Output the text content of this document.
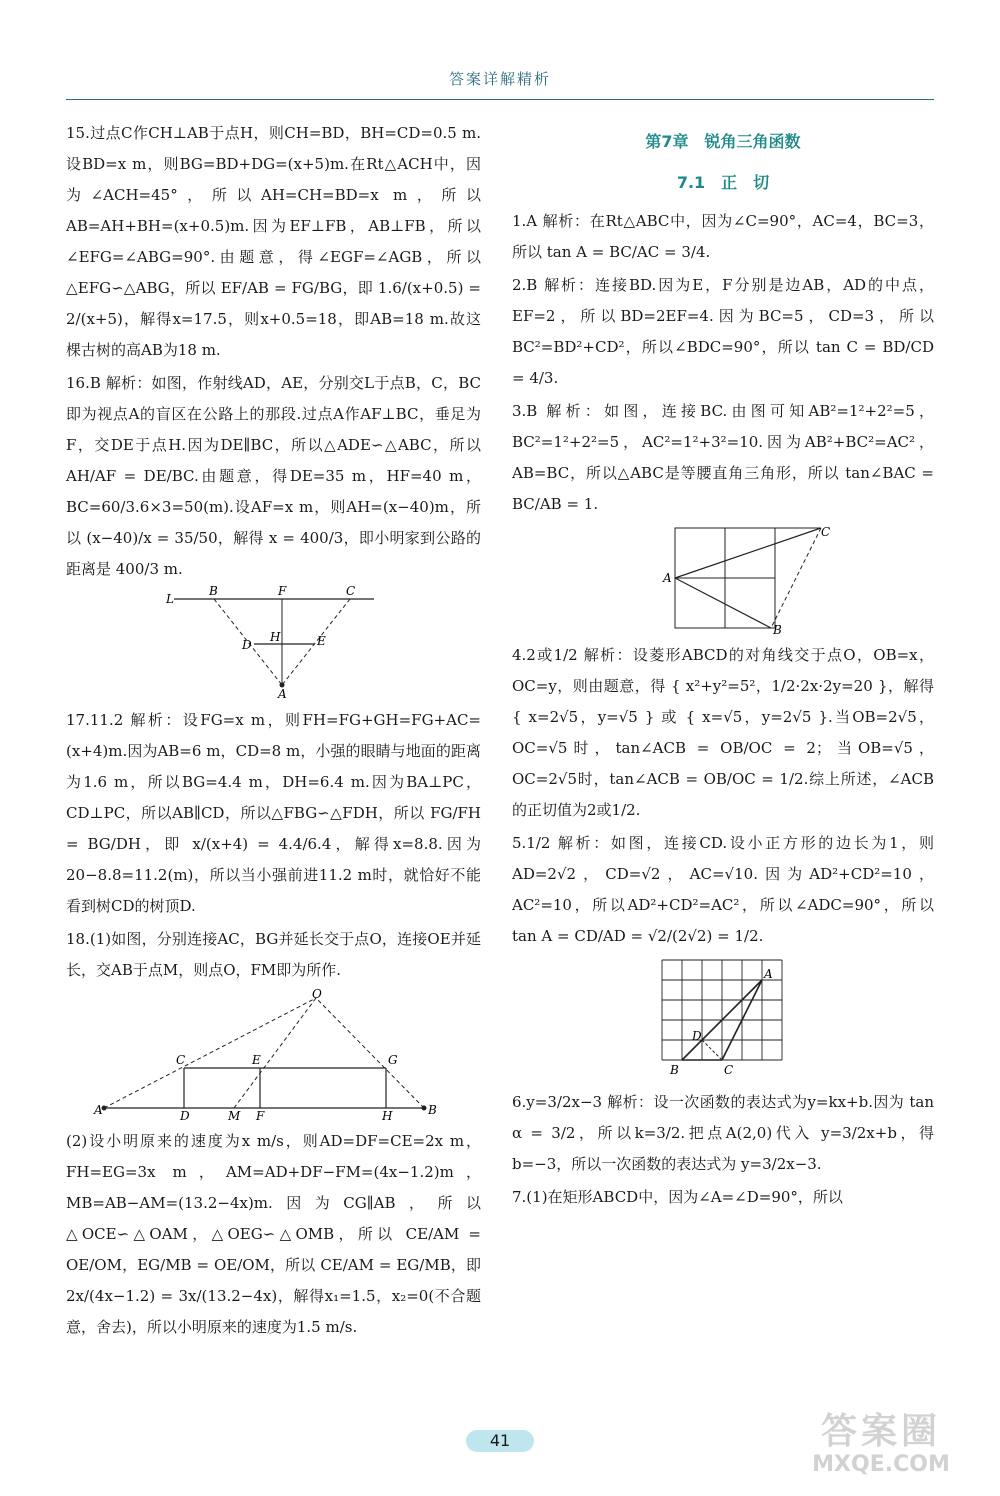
答案详解精析

15.过点C作CH⊥AB于点H，则CH=BD，BH=CD=0.5 m.设BD=x m，则BG=BD+DG=(x+5)m.在Rt△ACH中，因为∠ACH=45°，所以AH=CH=BD=x m，所以AB=AH+BH=(x+0.5)m.因为EF⊥FB，AB⊥FB，所以∠EFG=∠ABG=90°.由题意，得∠EGF=∠AGB，所以△EFG∽△ABG，所以 EF/AB = FG/BG，即 1.6/(x+0.5) = 2/(x+5)，解得x=17.5，则x+0.5=18，即AB=18 m.故这棵古树的高AB为18 m.

16.B 解析：如图，作射线AD，AE，分别交L于点B，C，BC即为视点A的盲区在公路上的那段.过点A作AF⊥BC，垂足为F，交DE于点H.因为DE∥BC，所以△ADE∽△ABC，所以 AH/AF = DE/BC.由题意，得DE=35 m，HF=40 m，BC=60/3.6×3=50(m).设AF=x m，则AH=(x−40)m，所以 (x−40)/x = 35/50，解得 x = 400/3，即小明家到公路的距离是 400/3 m.

L
B	F	C
D
H	E
A

17.11.2 解析：设FG=x m，则FH=FG+GH=FG+AC=(x+4)m.因为AB=6 m，CD=8 m，小强的眼睛与地面的距离为1.6 m，所以BG=4.4 m，DH=6.4 m.因为BA⊥PC，CD⊥PC，所以AB∥CD，所以△FBG∽△FDH，所以 FG/FH = BG/DH，即 x/(x+4) = 4.4/6.4，解得x=8.8.因为20−8.8=11.2(m)，所以当小强前进11.2 m时，就恰好不能看到树CD的树顶D.

18.(1)如图，分别连接AC，BG并延长交于点O，连接OE并延长，交AB于点M，则点O，FM即为所作.

O
C	E	G
A	D	M F	H	B

(2)设小明原来的速度为x m/s，则AD=DF=CE=2x m，FH=EG=3x m，AM=AD+DF−FM=(4x−1.2)m，MB=AB−AM=(13.2−4x)m.因为CG∥AB，所以△OCE∽△OAM，△OEG∽△OMB，所以 CE/AM = OE/OM，EG/MB = OE/OM，所以 CE/AM = EG/MB，即 2x/(4x−1.2) = 3x/(13.2−4x)，解得x₁=1.5，x₂=0(不合题意，舍去)，所以小明原来的速度为1.5 m/s.

第7章　锐角三角函数
7.1　正　切

1.A 解析：在Rt△ABC中，因为∠C=90°，AC=4，BC=3，所以 tan A = BC/AC = 3/4.

2.B 解析：连接BD.因为E，F分别是边AB，AD的中点，EF=2，所以BD=2EF=4.因为BC=5，CD=3，所以BC²=BD²+CD²，所以∠BDC=90°，所以 tan C = BD/CD = 4/3.

3.B 解析：如图，连接BC.由图可知AB²=1²+2²=5，BC²=1²+2²=5，AC²=1²+3²=10.因为AB²+BC²=AC²，AB=BC，所以△ABC是等腰直角三角形，所以 tan∠BAC = BC/AB = 1.

A
B
C

4.2或1/2 解析：设菱形ABCD的对角线交于点O，OB=x，OC=y，则由题意，得 { x²+y²=5²，1/2·2x·2y=20 }，解得 { x=2√5，y=√5 } 或 { x=√5，y=2√5 }.当OB=2√5，OC=√5时，tan∠ACB = OB/OC = 2；当OB=√5，OC=2√5时，tan∠ACB = OB/OC = 1/2.综上所述，∠ACB的正切值为2或1/2.

5.1/2 解析：如图，连接CD.设小正方形的边长为1，则AD=2√2，CD=√2，AC=√10.因为AD²+CD²=10，AC²=10，所以AD²+CD²=AC²，所以∠ADC=90°，所以 tan A = CD/AD = √2/(2√2) = 1/2.

A
D
B	C

6.y=3/2x−3 解析：设一次函数的表达式为y=kx+b.因为 tan α = 3/2，所以k=3/2.把点A(2,0)代入 y=3/2x+b，得b=−3，所以一次函数的表达式为 y=3/2x−3.

7.(1)在矩形ABCD中，因为∠A=∠D=90°，所以

41	答案圈
MXQE.COM
